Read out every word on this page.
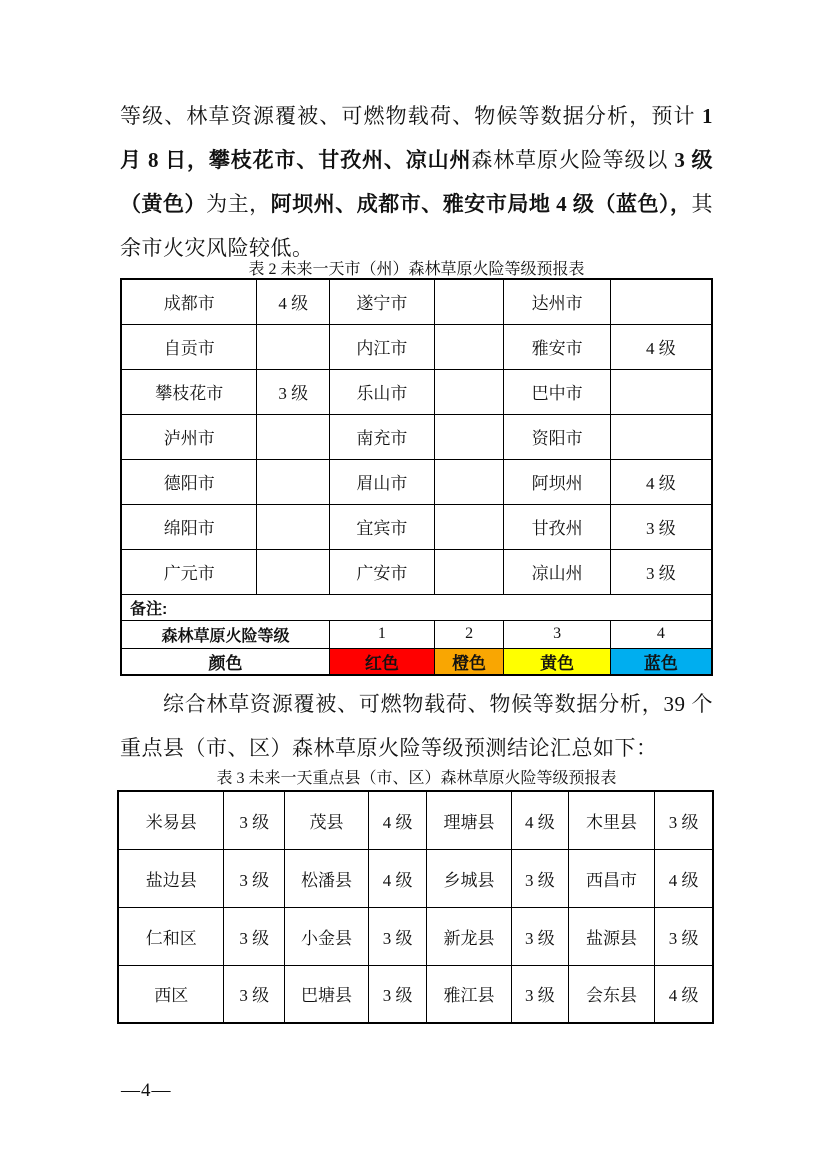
等级、林草资源覆被、可燃物载荷、物候等数据分析，预计 1 月 8 日，攀枝花市、甘孜州、凉山州森林草原火险等级以 3 级（黄色）为主，阿坝州、成都市、雅安市局地 4 级（蓝色），其余市火灾风险较低。

表 2 未来一天市（州）森林草原火险等级预报表
成都市	4 级	遂宁市		达州市	
自贡市		内江市		雅安市	4 级
攀枝花市	3 级	乐山市		巴中市	
泸州市		南充市		资阳市	
德阳市		眉山市		阿坝州	4 级
绵阳市		宜宾市		甘孜州	3 级
广元市		广安市		凉山州	3 级
备注:					
森林草原火险等级		1	2	3	4
颜色		红色	橙色	黄色	蓝色

综合林草资源覆被、可燃物载荷、物候等数据分析，39 个重点县（市、区）森林草原火险等级预测结论汇总如下：

表 3 未来一天重点县（市、区）森林草原火险等级预报表
米易县	3 级	茂县	4 级	理塘县	4 级	木里县	3 级
盐边县	3 级	松潘县	4 级	乡城县	3 级	西昌市	4 级
仁和区	3 级	小金县	3 级	新龙县	3 级	盐源县	3 级
西区	3 级	巴塘县	3 级	雅江县	3 级	会东县	4 级
—4—
